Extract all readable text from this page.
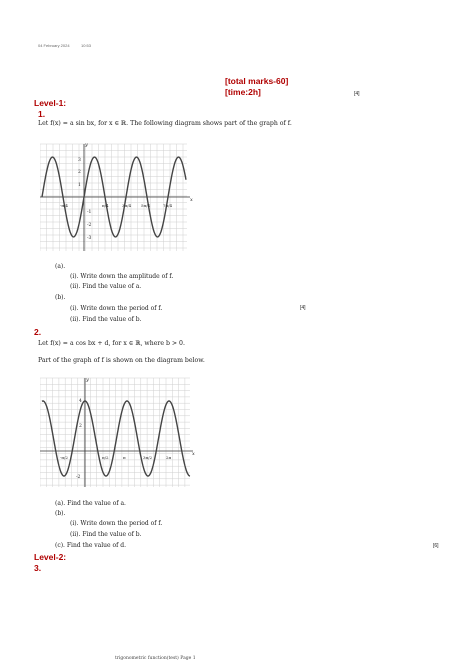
04 February 2024	10:53
[total marks-60]
[time:2h]	[4]
Level-1:
1.
Let f(x) = a sin bx, for x ∈ ℝ. The following diagram shows part of the graph of f.
x
y
3
2
1
-1
-2
-3
-π/4	π/4	3π/4 5π/4	7π/4
(a).
(i). Write down the amplitude of f.
(ii). Find the value of a.
(b).
(i). Write down the period of f.	[4]
(ii). Find the value of b.
2.
Let f(x) = a cos bx + d, for x ∈ ℝ, where b > 0.
Part of the graph of f is shown on the diagram below.
x
y
4
2
-2
-π/2	π/2	π	3π/2	2π
(a). Find the value of a.
(b).
(i). Write down the period of f.
(ii). Find the value of b.
(c). Find the value of d.	[6]
Level-2:
3.
trigonometric function(test) Page 1
